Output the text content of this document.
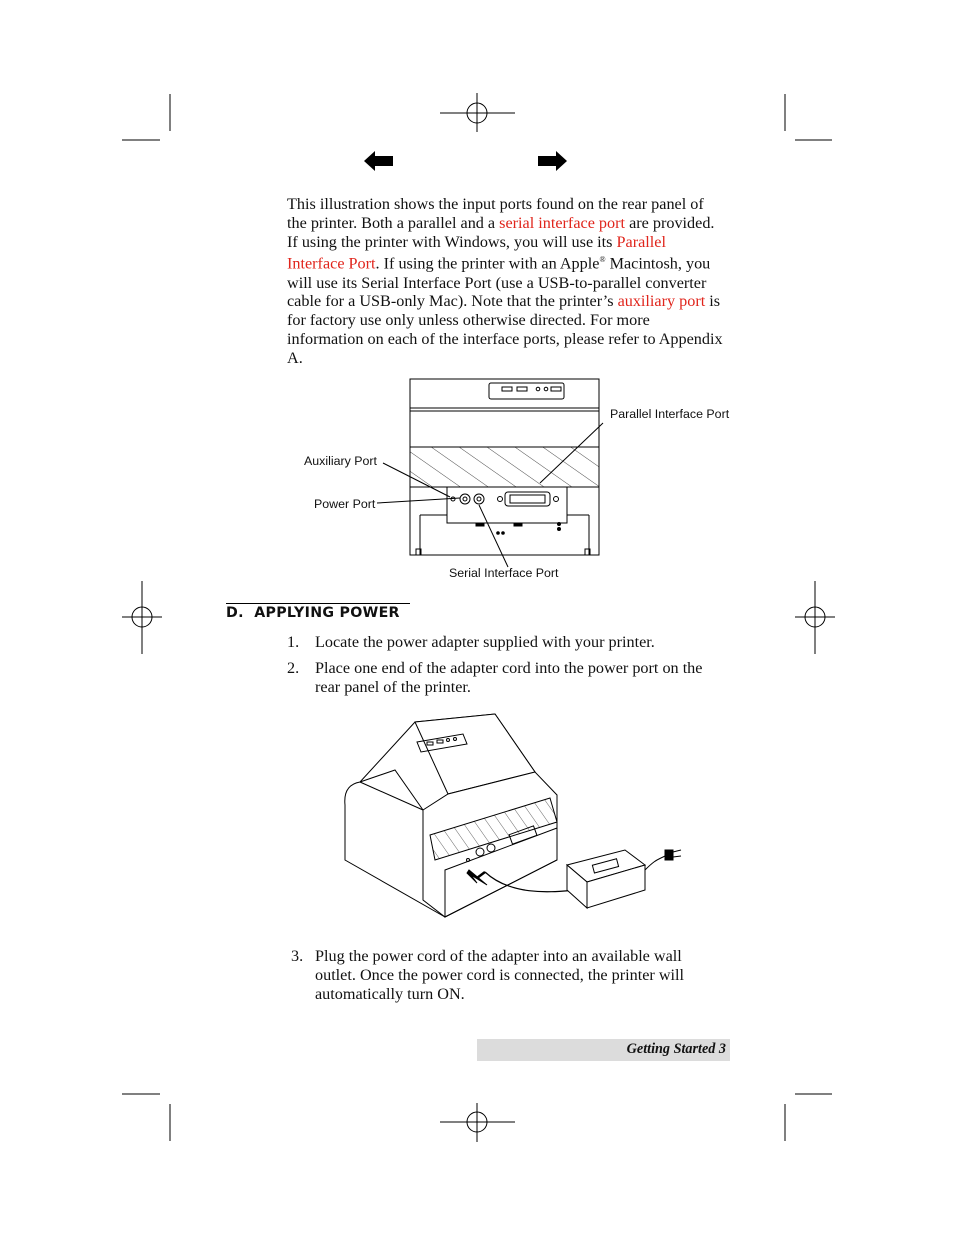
This illustration shows the input ports found on the rear panel of the printer. Both a parallel and a serial interface port are provided. If using the printer with Windows, you will use its Parallel Interface Port. If using the printer with an Apple® Macintosh, you will use its Serial Interface Port (use a USB-to-parallel converter cable for a USB-only Mac). Note that the printer’s auxiliary port is for factory use only unless otherwise directed. For more information on each of the interface ports, please refer to Appendix A.
Parallel Interface Port
Auxiliary Port
Power Port
Serial Interface Port
D.  APPLYING POWER
1. Locate the power adapter supplied with your printer.
2. Place one end of the adapter cord into the power port on the rear panel of the printer.
3. Plug the power cord of the adapter into an available wall outlet. Once the power cord is connected, the printer will automatically turn ON.
Getting Started 3
